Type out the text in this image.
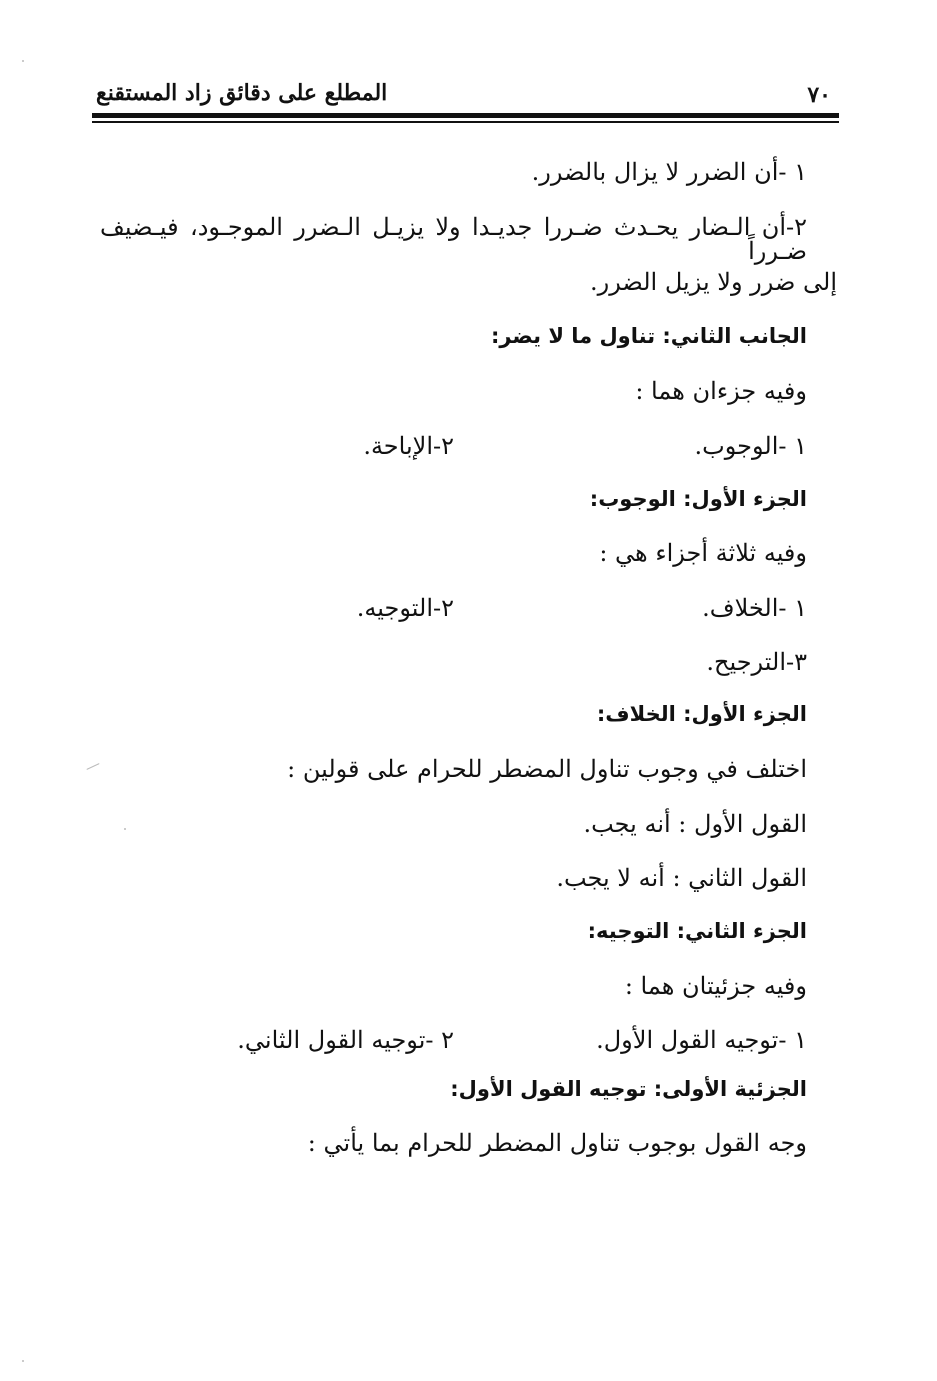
٧٠
المطلع على دقائق زاد المستقنع
١ -أن الضرر لا يزال بالضرر.
٢-أن الـضار يحـدث ضـررا جديـدا ولا يزيـل الـضرر الموجـود، فيـضيف ضـرراً
إلى ضرر ولا يزيل الضرر.
الجانب الثاني: تناول ما لا يضر:
وفيه جزءان هما :
١ -الوجوب.
٢-الإباحة.
الجزء الأول: الوجوب:
وفيه ثلاثة أجزاء هي :
١ -الخلاف.
٢-التوجيه.
٣-الترجيح.
الجزء الأول: الخلاف:
اختلف في وجوب تناول المضطر للحرام على قولين :
القول الأول : أنه يجب.
القول الثاني : أنه لا يجب.
الجزء الثاني: التوجيه:
وفيه جزئيتان هما :
١ -توجيه القول الأول.
٢ -توجيه القول الثاني.
الجزئية الأولى: توجيه القول الأول:
وجه القول بوجوب تناول المضطر للحرام بما يأتي :
